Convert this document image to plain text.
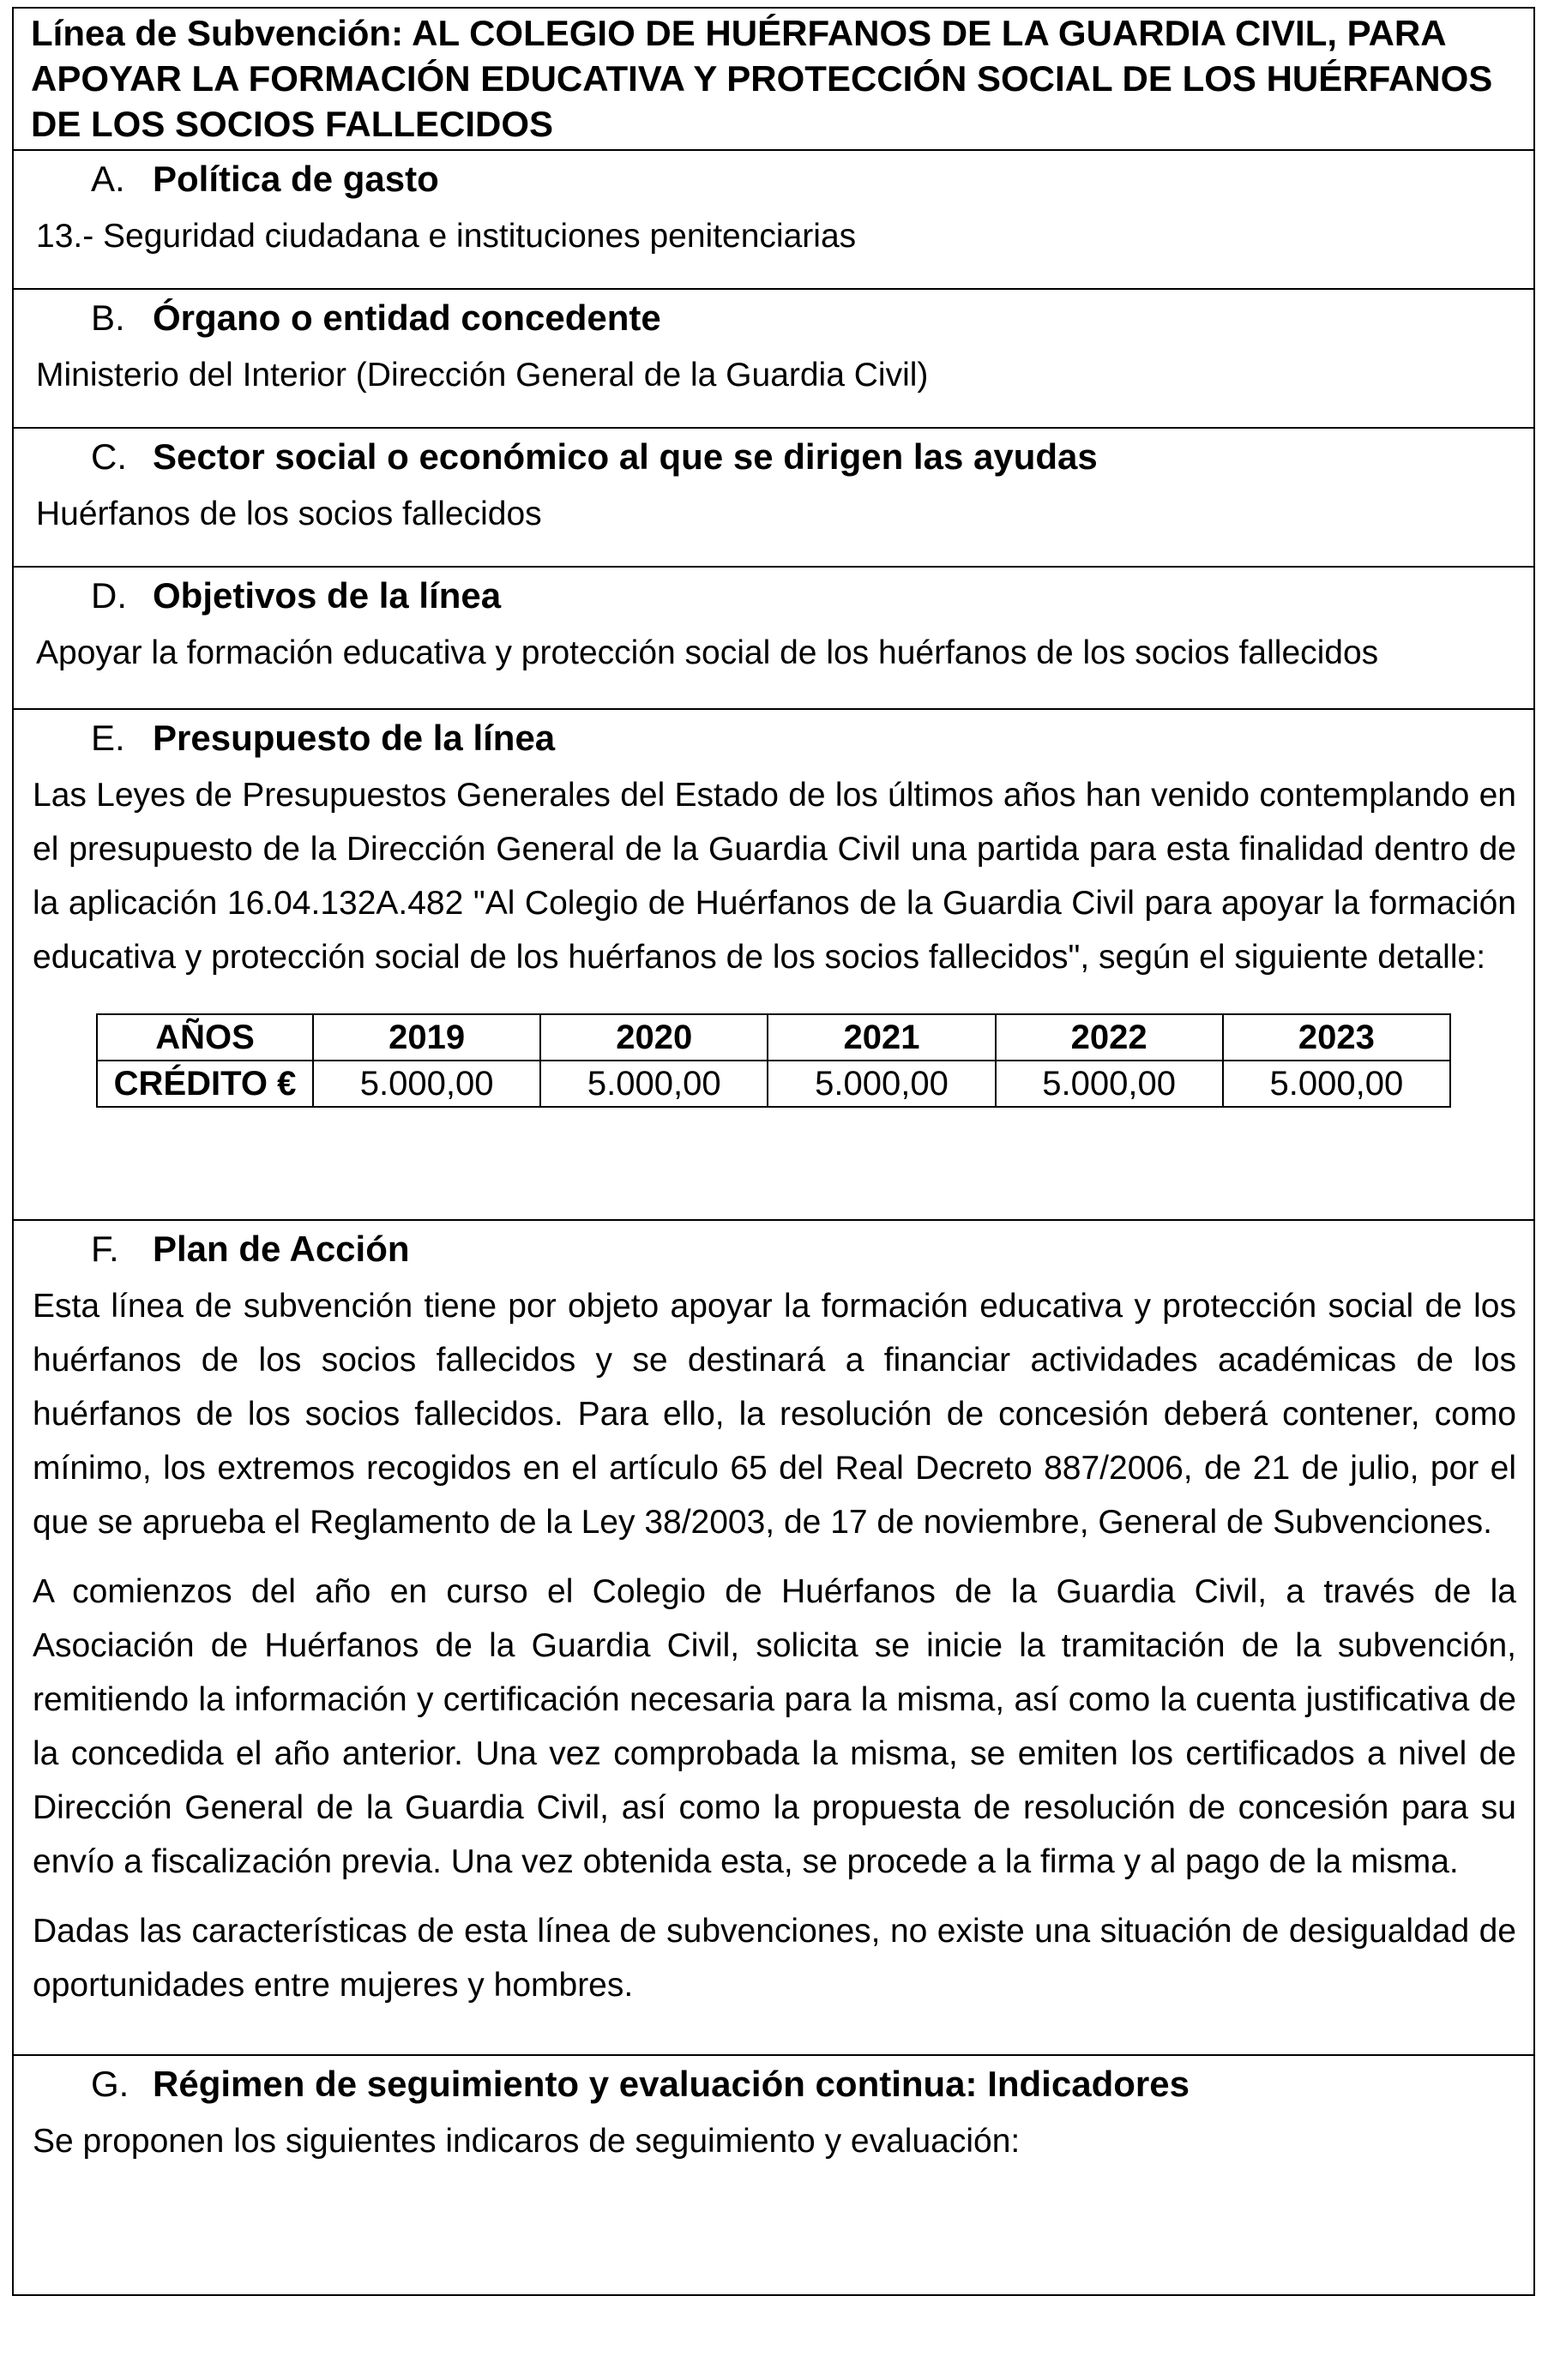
Línea de Subvención: AL COLEGIO DE HUÉRFANOS DE LA GUARDIA CIVIL, PARA APOYAR LA FORMACIÓN EDUCATIVA Y PROTECCIÓN SOCIAL DE LOS HUÉRFANOS DE LOS SOCIOS FALLECIDOS
A. Política de gasto
13.- Seguridad ciudadana e instituciones penitenciarias
B. Órgano o entidad concedente
Ministerio del Interior (Dirección General de la Guardia Civil)
C. Sector social o económico al que se dirigen las ayudas
Huérfanos de los socios fallecidos
D. Objetivos de la línea
Apoyar la formación educativa y protección social de los huérfanos de los socios fallecidos
E. Presupuesto de la línea
Las Leyes de Presupuestos Generales del Estado de los últimos años han venido contemplando en el presupuesto de la Dirección General de la Guardia Civil una partida para esta finalidad dentro de la aplicación 16.04.132A.482 "Al Colegio de Huérfanos de la Guardia Civil para apoyar la formación educativa y protección social de los huérfanos de los socios fallecidos", según el siguiente detalle:
AÑOS	2019	2020	2021	2022	2023
CRÉDITO €	5.000,00	5.000,00	5.000,00	5.000,00	5.000,00
F. Plan de Acción
Esta línea de subvención tiene por objeto apoyar la formación educativa y protección social de los huérfanos de los socios fallecidos y se destinará a financiar actividades académicas de los huérfanos de los socios fallecidos. Para ello, la resolución de concesión deberá contener, como mínimo, los extremos recogidos en el artículo 65 del Real Decreto 887/2006, de 21 de julio, por el que se aprueba el Reglamento de la Ley 38/2003, de 17 de noviembre, General de Subvenciones.
A comienzos del año en curso el Colegio de Huérfanos de la Guardia Civil, a través de la Asociación de Huérfanos de la Guardia Civil, solicita se inicie la tramitación de la subvención, remitiendo la información y certificación necesaria para la misma, así como la cuenta justificativa de la concedida el año anterior. Una vez comprobada la misma, se emiten los certificados a nivel de Dirección General de la Guardia Civil, así como la propuesta de resolución de concesión para su envío a fiscalización previa. Una vez obtenida esta, se procede a la firma y al pago de la misma.
Dadas las características de esta línea de subvenciones, no existe una situación de desigualdad de oportunidades entre mujeres y hombres.
G. Régimen de seguimiento y evaluación continua: Indicadores
Se proponen los siguientes indicaros de seguimiento y evaluación:
